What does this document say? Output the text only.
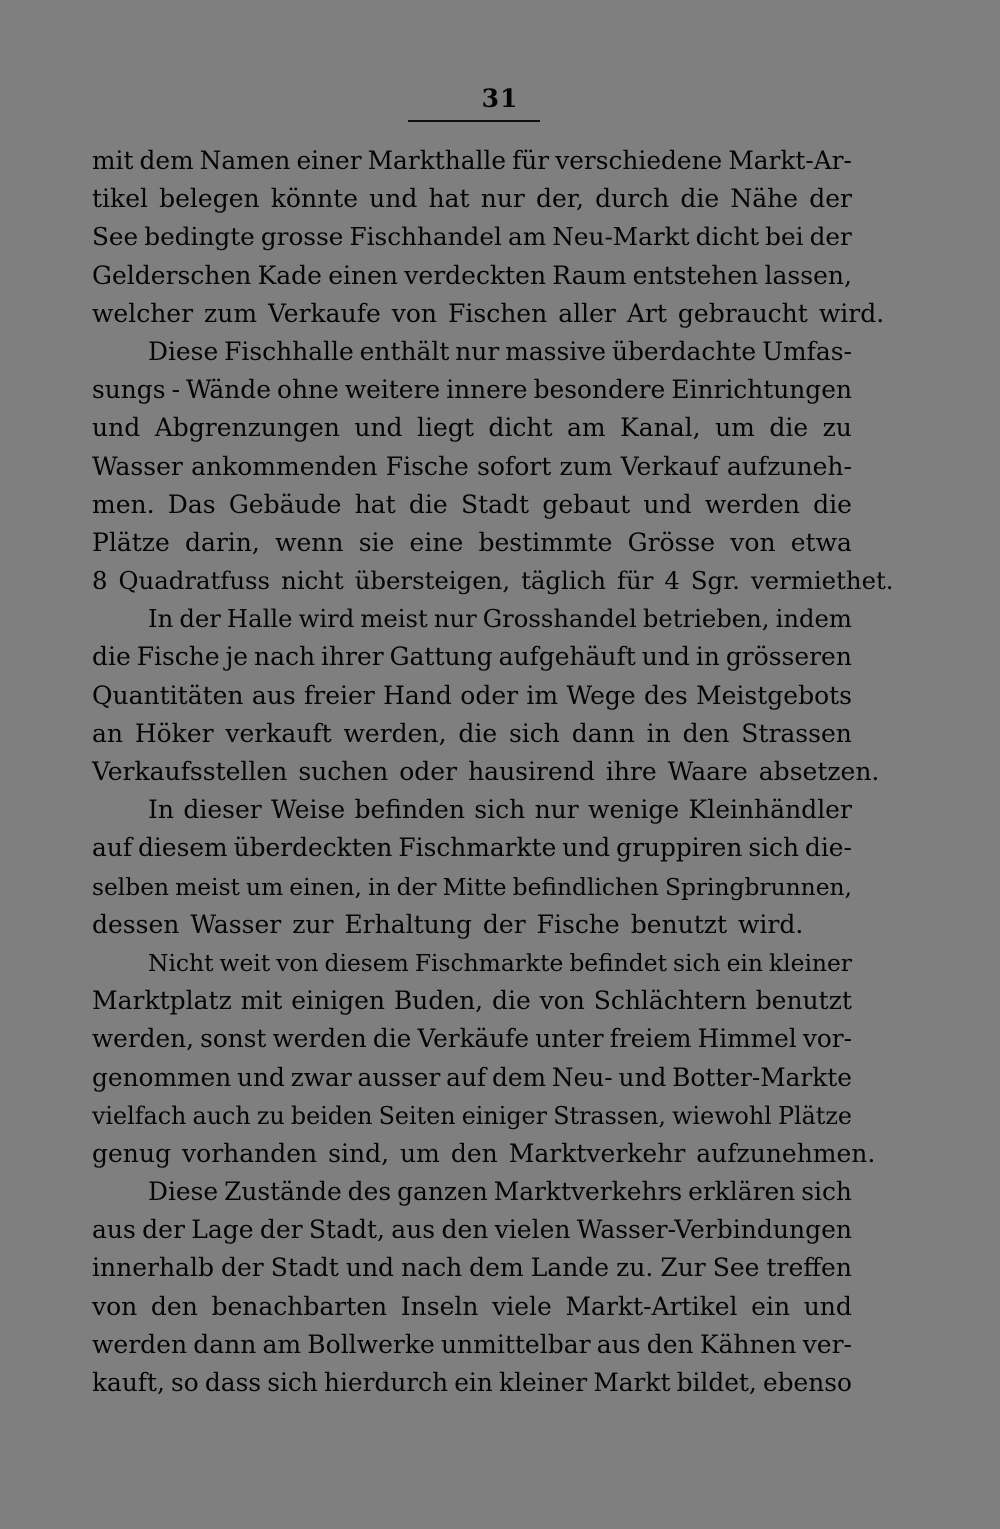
31
mit dem Namen einer Markthalle für verschiedene Markt-Ar-
tikel belegen könnte und hat nur der, durch die Nähe der
See bedingte grosse Fischhandel am Neu-Markt dicht bei der
Gelderschen Kade einen verdeckten Raum entstehen lassen,
welcher zum Verkaufe von Fischen aller Art gebraucht wird.
Diese Fischhalle enthält nur massive überdachte Umfas-
sungs - Wände ohne weitere innere besondere Einrichtungen
und Abgrenzungen und liegt dicht am Kanal, um die zu
Wasser ankommenden Fische sofort zum Verkauf aufzuneh-
men. Das Gebäude hat die Stadt gebaut und werden die
Plätze darin, wenn sie eine bestimmte Grösse von etwa
8 Quadratfuss nicht übersteigen, täglich für 4 Sgr. vermiethet.
In der Halle wird meist nur Grosshandel betrieben, indem
die Fische je nach ihrer Gattung aufgehäuft und in grösseren
Quantitäten aus freier Hand oder im Wege des Meistgebots
an Höker verkauft werden, die sich dann in den Strassen
Verkaufsstellen suchen oder hausirend ihre Waare absetzen.
In dieser Weise befinden sich nur wenige Kleinhändler
auf diesem überdeckten Fischmarkte und gruppiren sich die-
selben meist um einen, in der Mitte befindlichen Springbrunnen,
dessen Wasser zur Erhaltung der Fische benutzt wird.
Nicht weit von diesem Fischmarkte befindet sich ein kleiner
Marktplatz mit einigen Buden, die von Schlächtern benutzt
werden, sonst werden die Verkäufe unter freiem Himmel vor-
genommen und zwar ausser auf dem Neu- und Botter-Markte
vielfach auch zu beiden Seiten einiger Strassen, wiewohl Plätze
genug vorhanden sind, um den Marktverkehr aufzunehmen.
Diese Zustände des ganzen Marktverkehrs erklären sich
aus der Lage der Stadt, aus den vielen Wasser-Verbindungen
innerhalb der Stadt und nach dem Lande zu. Zur See treffen
von den benachbarten Inseln viele Markt-Artikel ein und
werden dann am Bollwerke unmittelbar aus den Kähnen ver-
kauft, so dass sich hierdurch ein kleiner Markt bildet, ebenso
